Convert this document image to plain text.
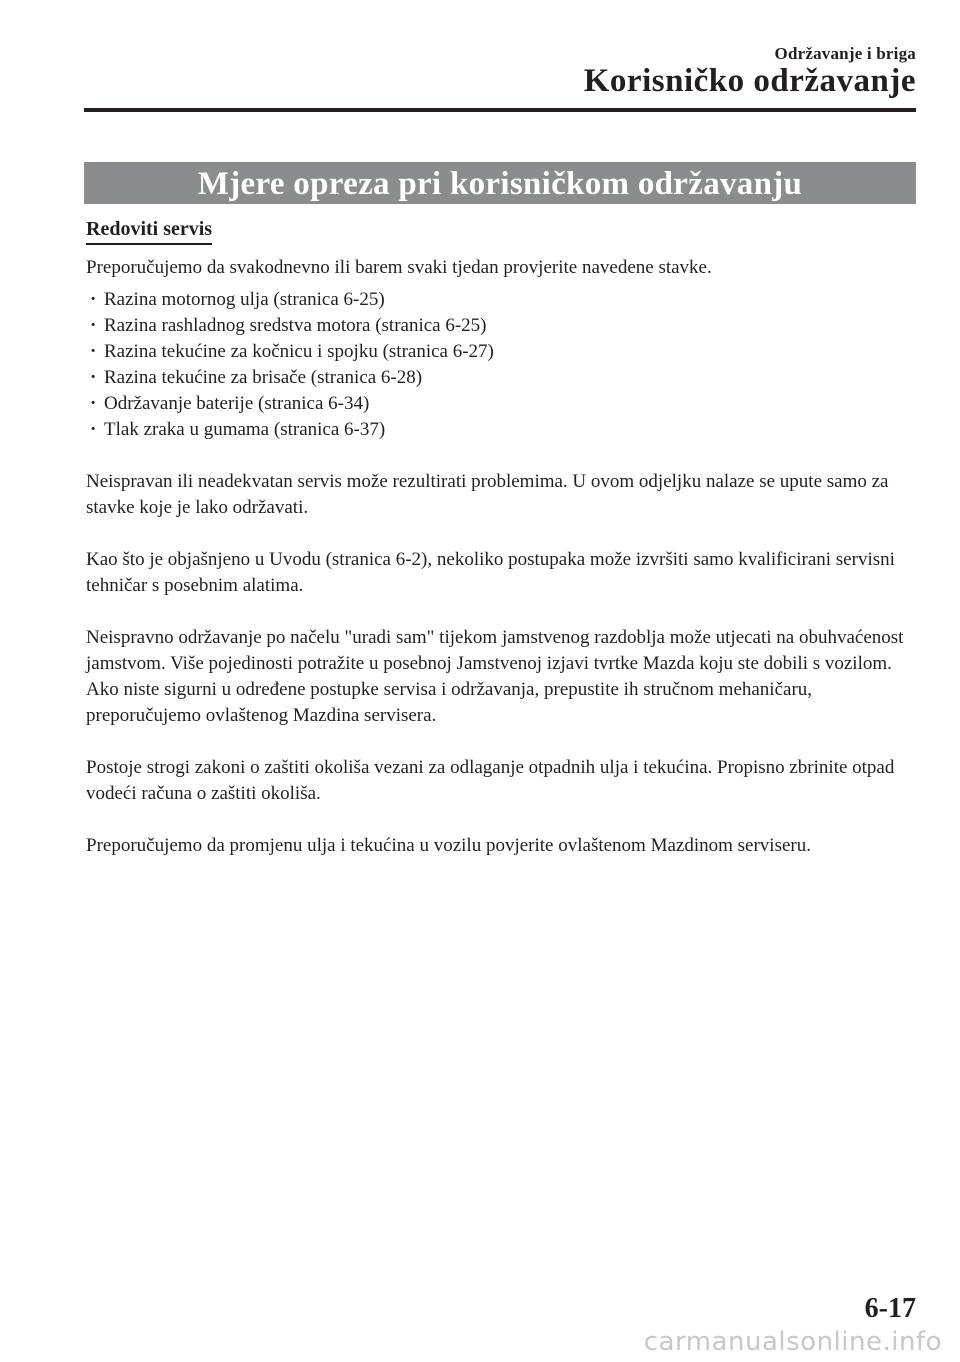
Održavanje i briga
Korisničko održavanje
Mjere opreza pri korisničkom održavanju
Redoviti servis

Preporučujemo da svakodnevno ili barem svaki tjedan provjerite navedene stavke.

· Razina motornog ulja (stranica 6-25)
· Razina rashladnog sredstva motora (stranica 6-25)
· Razina tekućine za kočnicu i spojku (stranica 6-27)
· Razina tekućine za brisače (stranica 6-28)
· Održavanje baterije (stranica 6-34)
· Tlak zraka u gumama (stranica 6-37)

Neispravan ili neadekvatan servis može rezultirati problemima. U ovom odjeljku nalaze se upute samo za stavke koje je lako održavati.

Kao što je objašnjeno u Uvodu (stranica 6-2), nekoliko postupaka može izvršiti samo kvalificirani servisni tehničar s posebnim alatima.

Neispravno održavanje po načelu "uradi sam" tijekom jamstvenog razdoblja može utjecati na obuhvaćenost jamstvom. Više pojedinosti potražite u posebnoj Jamstvenoj izjavi tvrtke Mazda koju ste dobili s vozilom. Ako niste sigurni u određene postupke servisa i održavanja, prepustite ih stručnom mehaničaru, preporučujemo ovlaštenog Mazdina servisera.

Postoje strogi zakoni o zaštiti okoliša vezani za odlaganje otpadnih ulja i tekućina. Propisno zbrinite otpad vodeći računa o zaštiti okoliša.

Preporučujemo da promjenu ulja i tekućina u vozilu povjerite ovlaštenom Mazdinom serviseru.

6-17
carmanualsonline.info
